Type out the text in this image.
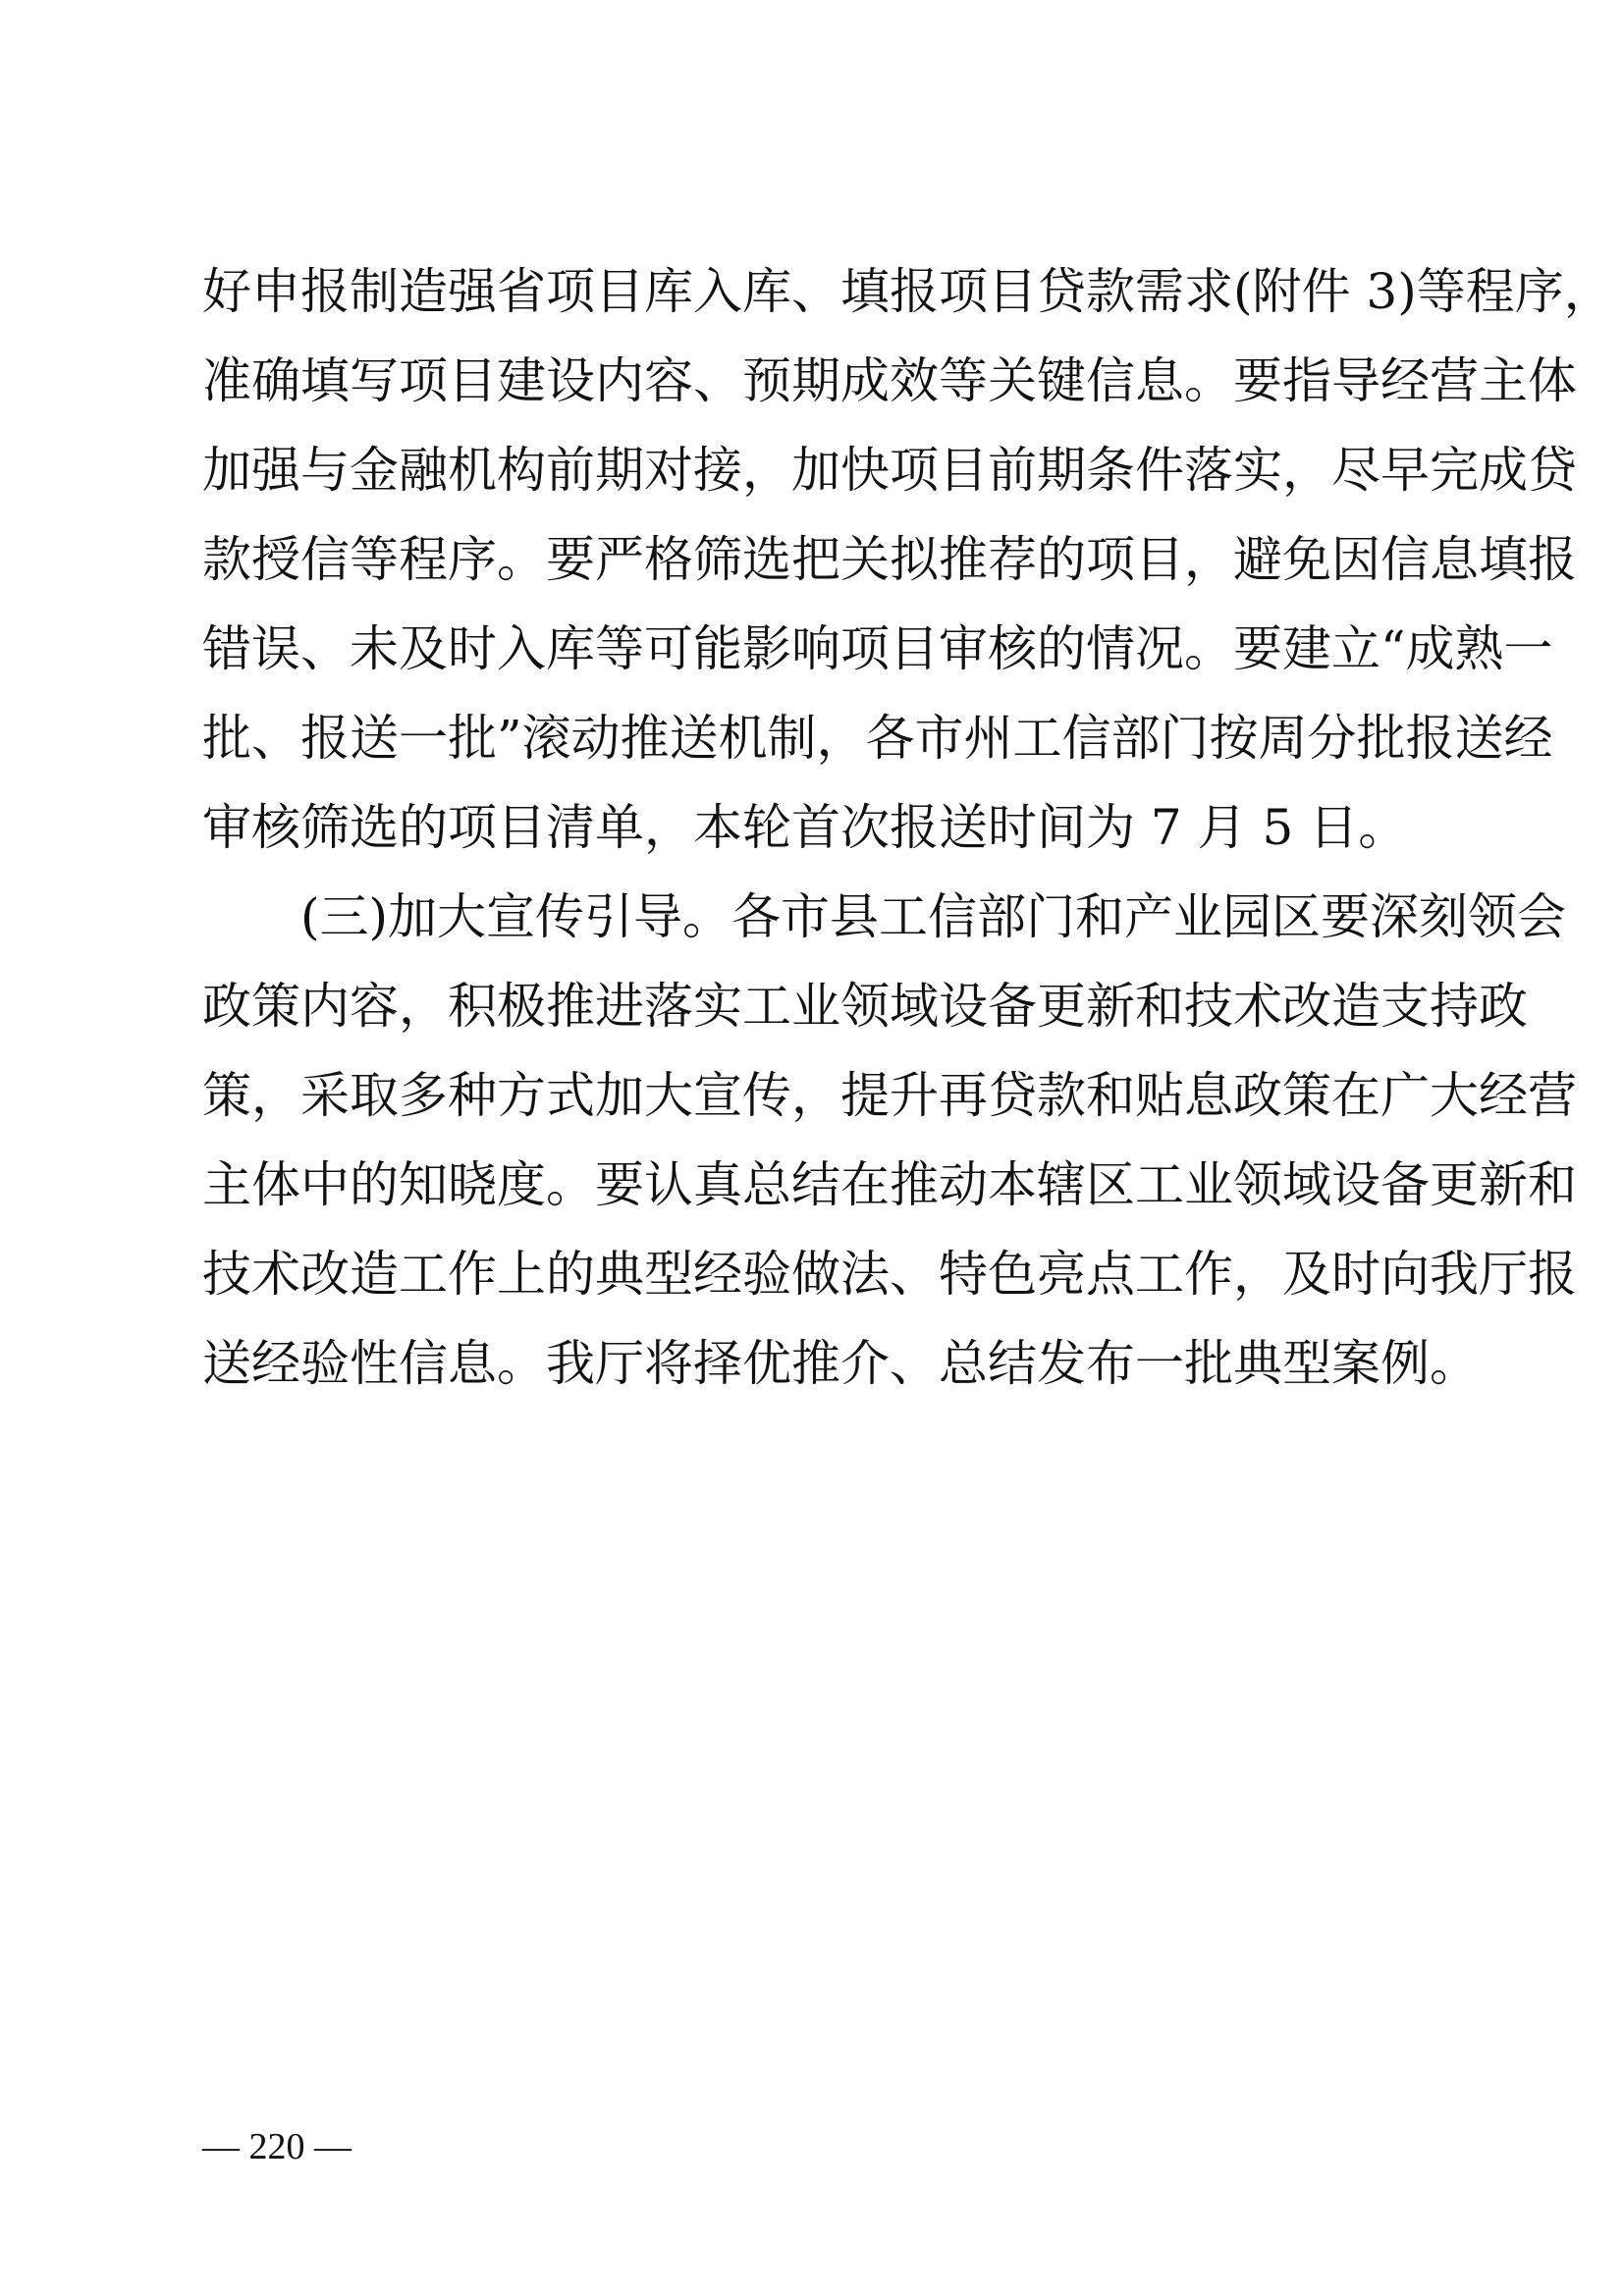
好申报制造强省项目库入库、填报项目贷款需求(附件 3)等程序，
准确填写项目建设内容、预期成效等关键信息。要指导经营主体
加强与金融机构前期对接，加快项目前期条件落实，尽早完成贷
款授信等程序。要严格筛选把关拟推荐的项目，避免因信息填报
错误、未及时入库等可能影响项目审核的情况。要建立“成熟一
批、报送一批”滚动推送机制，各市州工信部门按周分批报送经
审核筛选的项目清单，本轮首次报送时间为 7 月 5 日。
　　(三)加大宣传引导。各市县工信部门和产业园区要深刻领会
政策内容，积极推进落实工业领域设备更新和技术改造支持政
策，采取多种方式加大宣传，提升再贷款和贴息政策在广大经营
主体中的知晓度。要认真总结在推动本辖区工业领域设备更新和
技术改造工作上的典型经验做法、特色亮点工作，及时向我厅报
送经验性信息。我厅将择优推介、总结发布一批典型案例。
— 220 —
